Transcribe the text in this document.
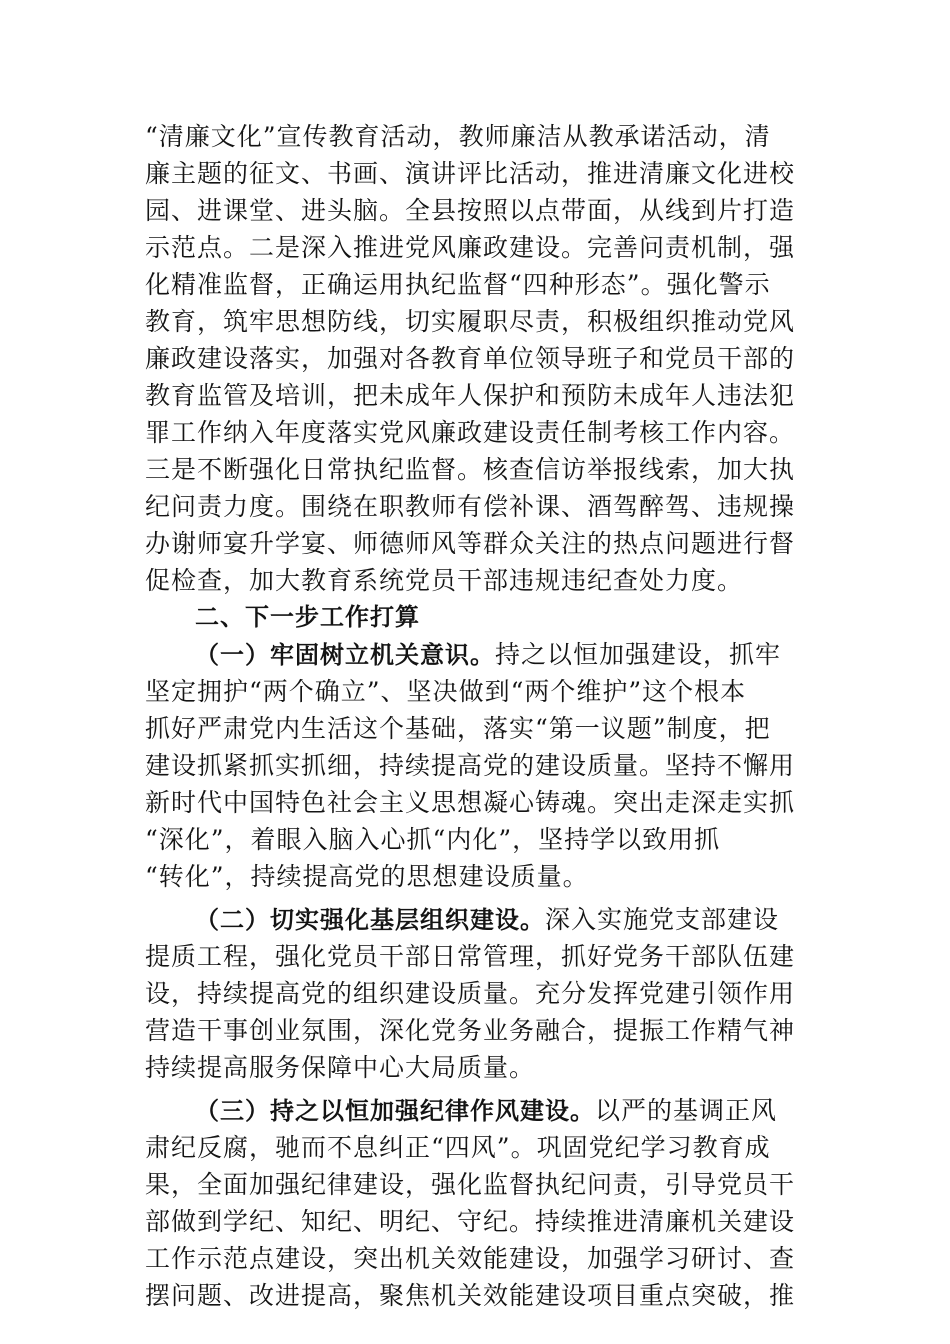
“清廉文化”宣传教育活动，教师廉洁从教承诺活动，清
廉主题的征文、书画、演讲评比活动，推进清廉文化进校
园、进课堂、进头脑。全县按照以点带面，从线到片打造
示范点。二是深入推进党风廉政建设。完善问责机制，强
化精准监督，正确运用执纪监督“四种形态”。强化警示
教育，筑牢思想防线，切实履职尽责，积极组织推动党风
廉政建设落实，加强对各教育单位领导班子和党员干部的
教育监管及培训，把未成年人保护和预防未成年人违法犯
罪工作纳入年度落实党风廉政建设责任制考核工作内容。
三是不断强化日常执纪监督。核查信访举报线索，加大执
纪问责力度。围绕在职教师有偿补课、酒驾醉驾、违规操
办谢师宴升学宴、师德师风等群众关注的热点问题进行督
促检查，加大教育系统党员干部违规违纪查处力度。
二、下一步工作打算
（一）牢固树立机关意识。持之以恒加强建设，抓牢
坚定拥护“两个确立”、坚决做到“两个维护”这个根本
抓好严肃党内生活这个基础，落实“第一议题”制度，把
建设抓紧抓实抓细，持续提高党的建设质量。坚持不懈用
新时代中国特色社会主义思想凝心铸魂。突出走深走实抓
“深化”，着眼入脑入心抓“内化”，坚持学以致用抓
“转化”，持续提高党的思想建设质量。
（二）切实强化基层组织建设。深入实施党支部建设
提质工程，强化党员干部日常管理，抓好党务干部队伍建
设，持续提高党的组织建设质量。充分发挥党建引领作用
营造干事创业氛围，深化党务业务融合，提振工作精气神
持续提高服务保障中心大局质量。
（三）持之以恒加强纪律作风建设。以严的基调正风
肃纪反腐，驰而不息纠正“四风”。巩固党纪学习教育成
果，全面加强纪律建设，强化监督执纪问责，引导党员干
部做到学纪、知纪、明纪、守纪。持续推进清廉机关建设
工作示范点建设，突出机关效能建设，加强学习研讨、查
摆问题、改进提高，聚焦机关效能建设项目重点突破，推
